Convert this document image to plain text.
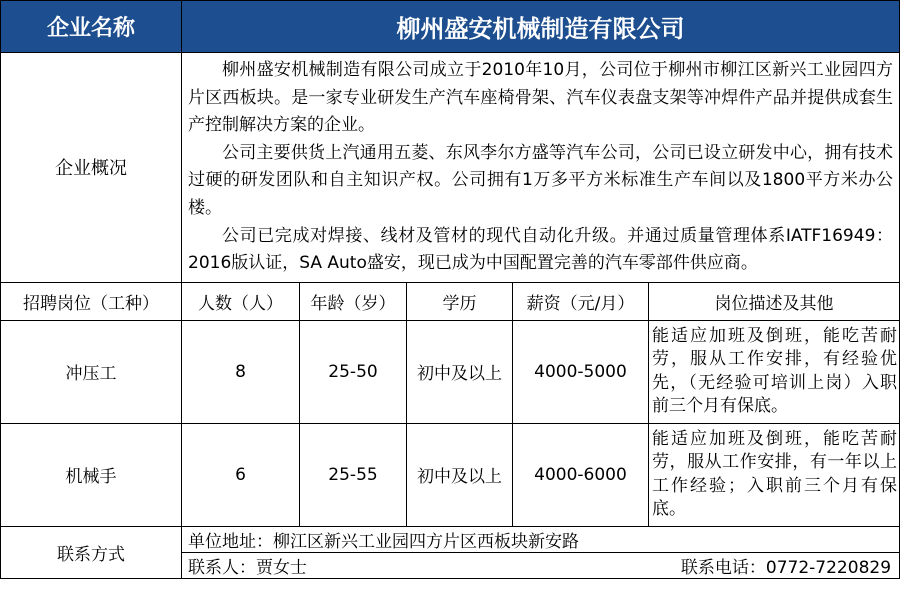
企业名称	柳州盛安机械制造有限公司				
企业概况	柳州盛安机械制造有限公司成立于2010年10月，公司位于柳州市柳江区新兴工业园四方片区西板块。是一家专业研发生产汽车座椅骨架、汽车仪表盘支架等冲焊件产品并提供成套生产控制解决方案的企业。

公司主要供货上汽通用五菱、东风李尔方盛等汽车公司，公司已设立研发中心，拥有技术过硬的研发团队和自主知识产权。公司拥有1万多平方米标准生产车间以及1800平方米办公楼。

公司已完成对焊接、线材及管材的现代自动化升级。并通过质量管理体系IATF16949：2016版认证，SA Auto盛安，现已成为中国配置完善的汽车零部件供应商。				

招聘岗位（工种）	人数（人）	年龄（岁）	学历	薪资（元/月）	岗位描述及其他
冲压工	8	25-50	初中及以上	4000-5000	能适应加班及倒班，能吃苦耐劳，服从工作安排，有经验优先，（无经验可培训上岗）入职前三个月有保底。
机械手	6	25-55	初中及以上	4000-6000	能适应加班及倒班，能吃苦耐劳，服从工作安排，有一年以上工作经验；入职前三个月有保底。
联系方式	单位地址：柳江区新兴工业园四方片区西板块新安路				

	联系人：贾女士 联系电话：0772-7220829				
